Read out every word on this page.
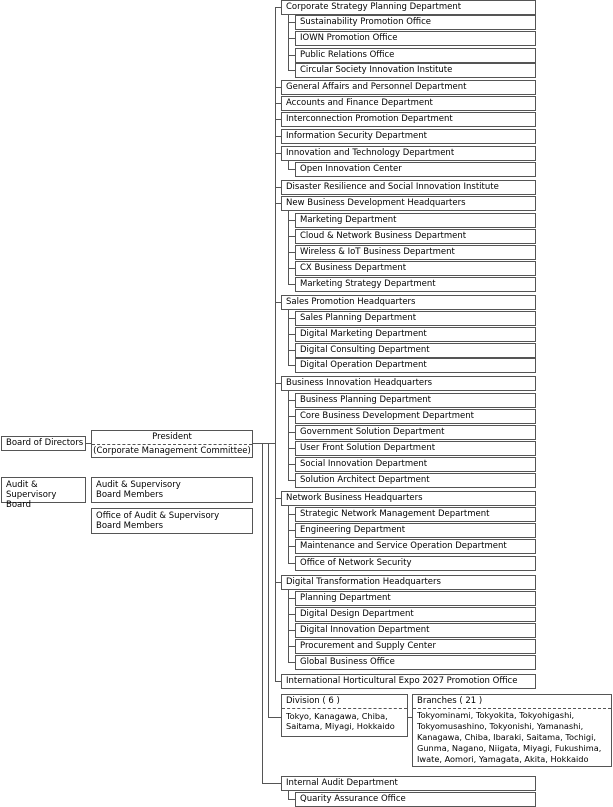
Board of Directors
President
(Corporate Management Committee)
Audit & Supervisory
Board
Audit & Supervisory
Board Members
Office of Audit & Supervisory
Board Members
Corporate Strategy Planning Department
Sustainability Promotion Office
IOWN Promotion Office
Public Relations Office
Circular Society Innovation Institute
General Affairs and Personnel Department
Accounts and Finance Department
Interconnection Promotion Department
Information Security Department
Innovation and Technology Department
Open Innovation Center
Disaster Resilience and Social Innovation Institute
New Business Development Headquarters
Marketing Department
Cloud & Network Business Department
Wireless & IoT Business Department
CX Business Department
Marketing Strategy Department
Sales Promotion Headquarters
Sales Planning Department
Digital Marketing Department
Digital Consulting Department
Digital Operation Department
Business Innovation Headquarters
Business Planning Department
Core Business Development Department
Government Solution Department
User Front Solution Department
Social Innovation Department
Solution Architect Department
Network Business Headquarters
Strategic Network Management Department
Engineering Department
Maintenance and Service Operation Department
Office of Network Security
Digital Transformation Headquarters
Planning Department
Digital Design Department
Digital Innovation Department
Procurement and Supply Center
Global Business Office
International Horticultural Expo 2027 Promotion Office
Division ( 6 )
Tokyo, Kanagawa, Chiba,
Saitama, Miyagi, Hokkaido
Branches ( 21 )
Tokyominami, Tokyokita, Tokyohigashi,
Tokyomusashino, Tokyonishi, Yamanashi,
Kanagawa, Chiba, Ibaraki, Saitama, Tochigi,
Gunma, Nagano, Niigata, Miyagi, Fukushima,
Iwate, Aomori, Yamagata, Akita, Hokkaido
Internal Audit Department
Quarity Assurance Office
